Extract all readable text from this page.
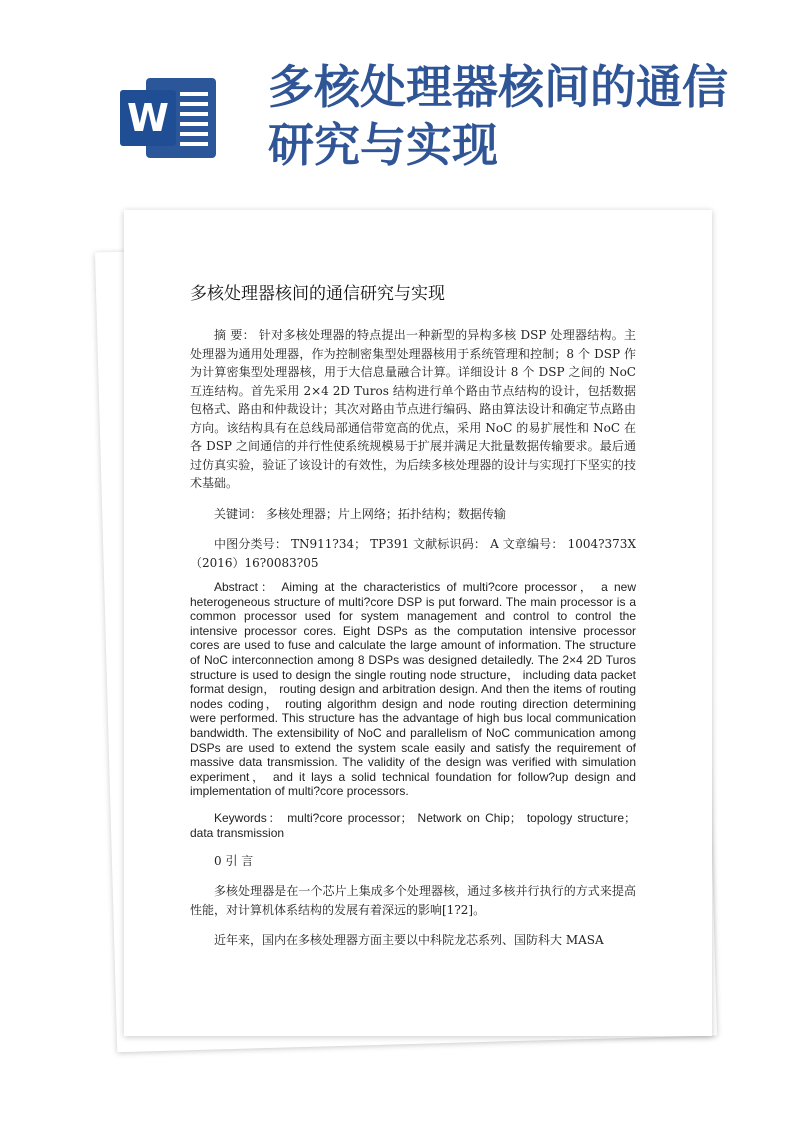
W
多核处理器核间的通信研究与实现
多核处理器核间的通信研究与实现

摘 要： 针对多核处理器的特点提出一种新型的异构多核 DSP 处理器结构。主处理器为通用处理器，作为控制密集型处理器核用于系统管理和控制；8 个 DSP 作为计算密集型处理器核，用于大信息量融合计算。详细设计 8 个 DSP 之间的 NoC 互连结构。首先采用 2×4 2D Turos 结构进行单个路由节点结构的设计，包括数据包格式、路由和仲裁设计；其次对路由节点进行编码、路由算法设计和确定节点路由方向。该结构具有在总线局部通信带宽高的优点，采用 NoC 的易扩展性和 NoC 在各 DSP 之间通信的并行性使系统规模易于扩展并满足大批量数据传输要求。最后通过仿真实验，验证了该设计的有效性，为后续多核处理器的设计与实现打下坚实的技术基础。

关键词： 多核处理器；片上网络；拓扑结构；数据传输

中图分类号： TN911?34； TP391 文献标识码： A 文章编号： 1004?373X（2016）16?0083?05

Abstract： Aiming at the characteristics of multi?core processor， a new heterogeneous structure of multi?core DSP is put forward. The main processor is a common processor used for system management and control to control the intensive processor cores. Eight DSPs as the computation intensive processor cores are used to fuse and calculate the large amount of information. The structure of NoC interconnection among 8 DSPs was designed detailedly. The 2×4 2D Turos structure is used to design the single routing node structure， including data packet format design， routing design and arbitration design. And then the items of routing nodes coding， routing algorithm design and node routing direction determining were performed. This structure has the advantage of high bus local communication bandwidth. The extensibility of NoC and parallelism of NoC communication among DSPs are used to extend the system scale easily and satisfy the requirement of massive data transmission. The validity of the design was verified with simulation experiment， and it lays a solid technical foundation for follow?up design and implementation of multi?core processors.

Keywords： multi?core processor； Network on Chip； topology structure； data transmission

0 引 言

多核处理器是在一个芯片上集成多个处理器核，通过多核并行执行的方式来提高性能，对计算机体系结构的发展有着深远的影响[1?2]。

近年来，国内在多核处理器方面主要以中科院龙芯系列、国防科大 MASA
